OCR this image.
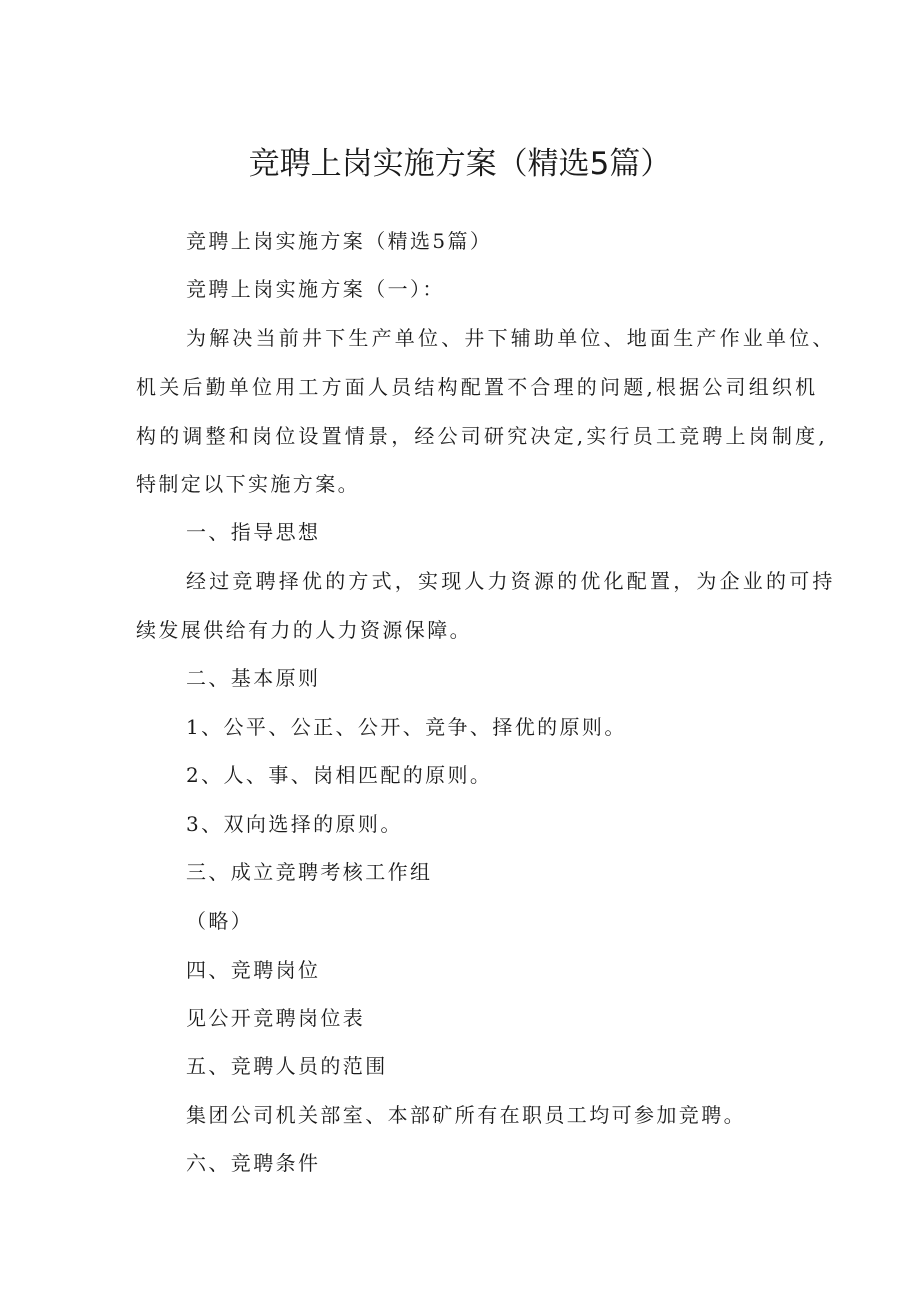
竞聘上岗实施方案（精选5篇）

竞聘上岗实施方案（精选5篇）

竞聘上岗实施方案（一）：

为解决当前井下生产单位、井下辅助单位、地面生产作业单位、

机关后勤单位用工方面人员结构配置不合理的问题,根据公司组织机

构的调整和岗位设置情景，经公司研究决定,实行员工竞聘上岗制度,

特制定以下实施方案。

一、指导思想

经过竞聘择优的方式，实现人力资源的优化配置，为企业的可持

续发展供给有力的人力资源保障。

二、基本原则

1、公平、公正、公开、竞争、择优的原则。

2、人、事、岗相匹配的原则。

3、双向选择的原则。

三、成立竞聘考核工作组

（略）

四、竞聘岗位

见公开竞聘岗位表

五、竞聘人员的范围

集团公司机关部室、本部矿所有在职员工均可参加竞聘。

六、竞聘条件
